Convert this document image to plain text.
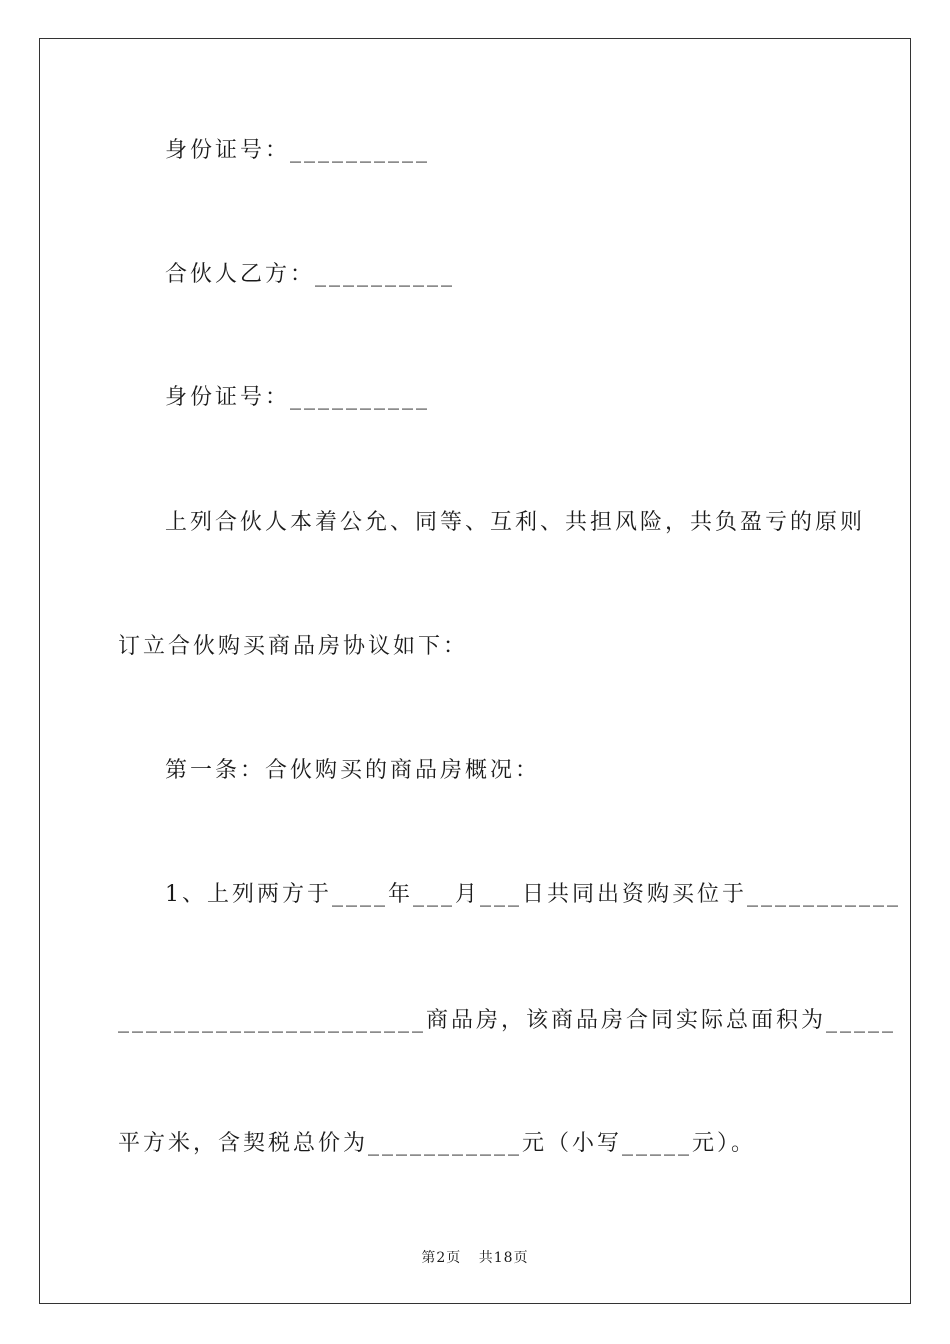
身份证号：__________
合伙人乙方：__________
身份证号：__________
上列合伙人本着公允、同等、互利、共担风险，共负盈亏的原则
订立合伙购买商品房协议如下：
第一条：合伙购买的商品房概况：
1、上列两方于____年___月___日共同出资购买位于___________
______________________商品房，该商品房合同实际总面积为_____
平方米，含契税总价为___________元（小写_____元）。
第2页 共18页
